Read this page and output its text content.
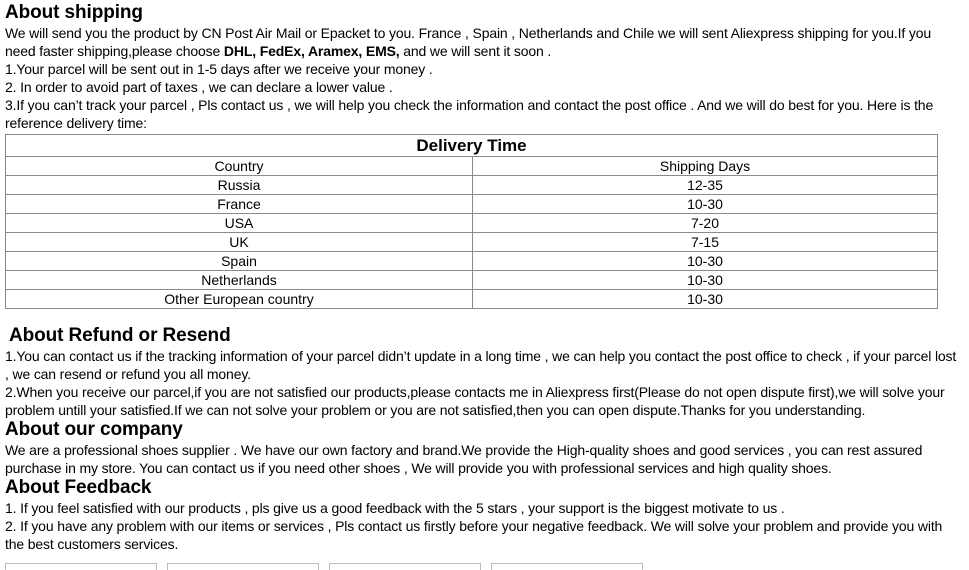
About shipping

We will send you the product by CN Post Air Mail or Epacket to you. France , Spain , Netherlands and Chile we will sent Aliexpress shipping for you.If you need faster shipping,please choose DHL, FedEx, Aramex, EMS, and we will sent it soon .

1.Your parcel will be sent out in 1-5 days after we receive your money .

2. In order to avoid part of taxes , we can declare a lower value .

3.If you can’t track your parcel , Pls contact us , we will help you check the information and contact the post office . And we will do best for you. Here is the reference delivery time:

Delivery Time	
Country	Shipping Days
Russia	12-35
France	10-30
USA	7-20
UK	7-15
Spain	10-30
Netherlands	10-30
Other European country	10-30
About Refund or Resend

1.You can contact us if the tracking information of your parcel didn’t update in a long time , we can help you contact the post office to check , if your parcel lost , we can resend or refund you all money.

2.When you receive our parcel,if you are not satisfied our products,please contacts me in Aliexpress first(Please do not open dispute first),we will solve your problem untill your satisfied.If we can not solve your problem or you are not satisfied,then you can open dispute.Thanks for you understanding.

About our company

We are a professional shoes supplier . We have our own factory and brand.We provide the High-quality shoes and good services , you can rest assured purchase in my store. You can contact us if you need other shoes , We will provide you with professional services and high quality shoes.

About Feedback

1. If you feel satisfied with our products , pls give us a good feedback with the 5 stars , your support is the biggest motivate to us .

2. If you have any problem with our items or services , Pls contact us firstly before your negative feedback. We will solve your problem and provide you with the best customers services.
